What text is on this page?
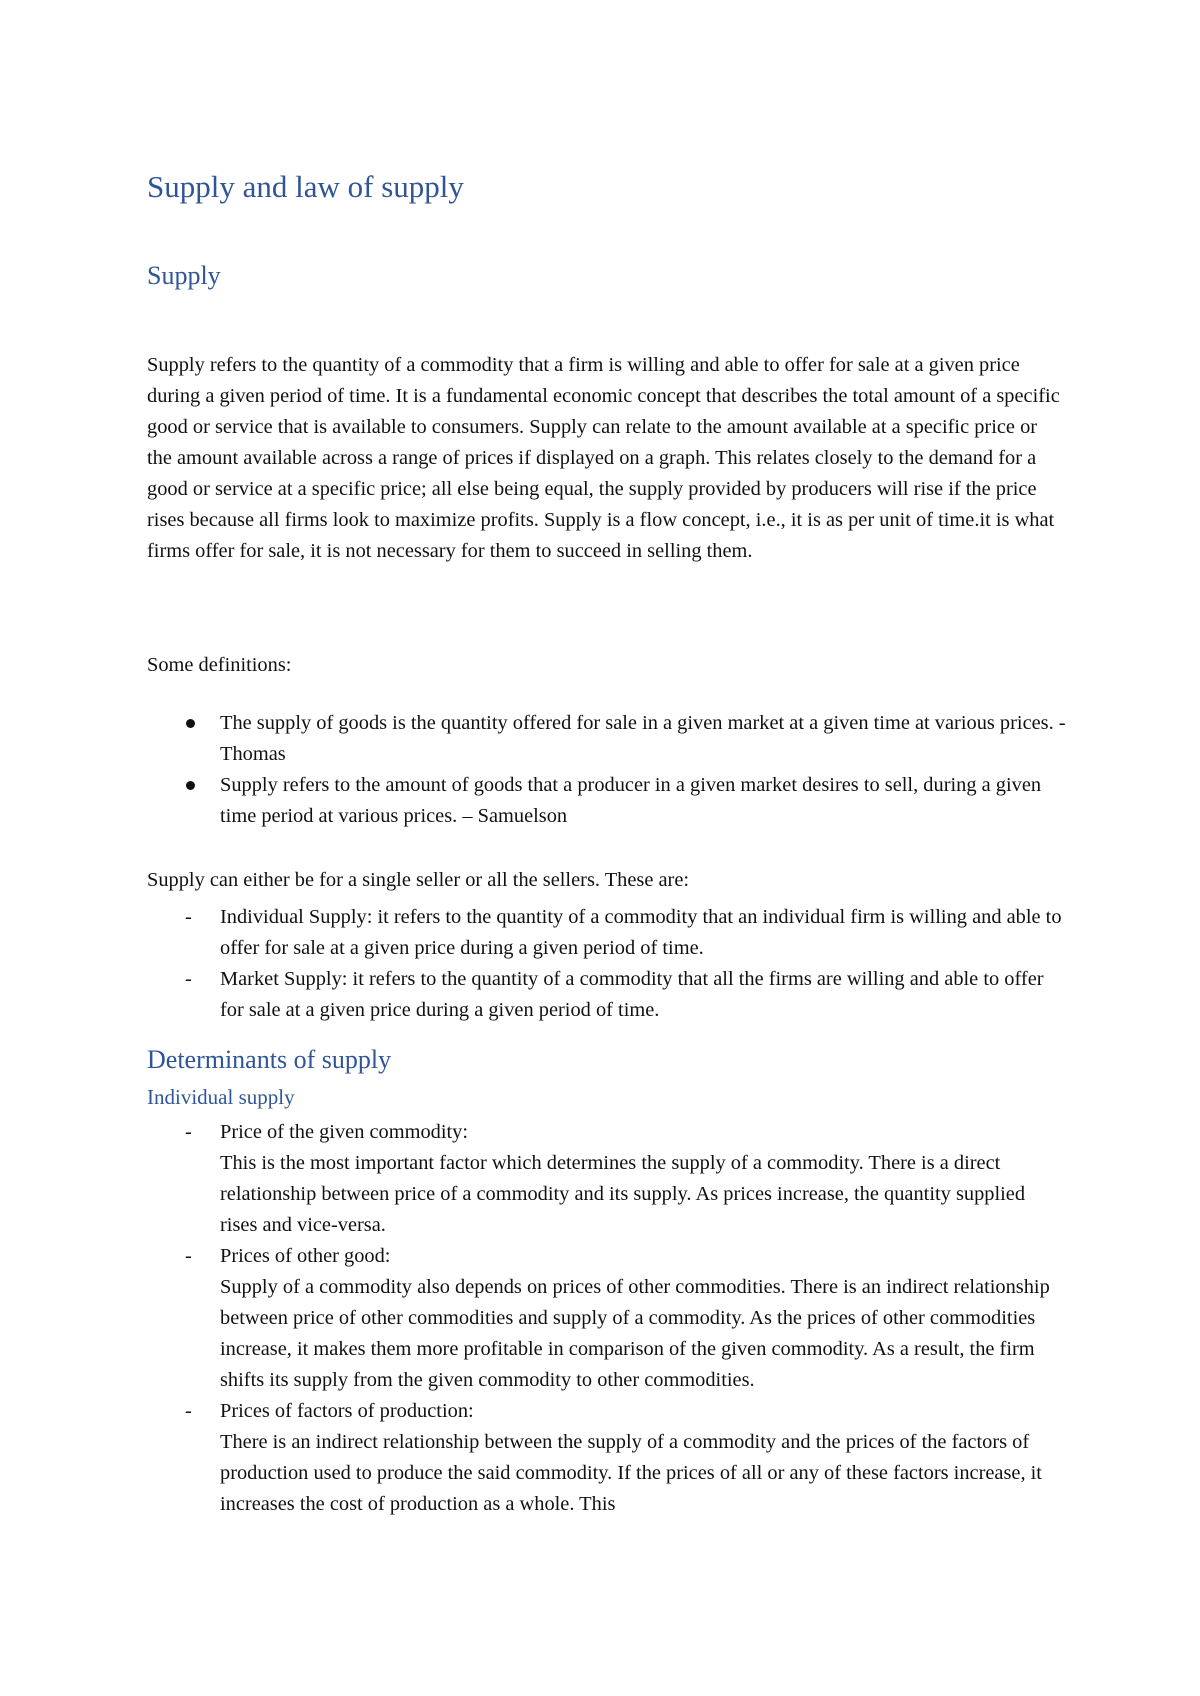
Supply and law of supply
Supply

Supply refers to the quantity of a commodity that a firm is willing and able to offer for sale at a given price during a given period of time. It is a fundamental economic concept that describes the total amount of a specific good or service that is available to consumers. Supply can relate to the amount available at a specific price or the amount available across a range of prices if displayed on a graph. This relates closely to the demand for a good or service at a specific price; all else being equal, the supply provided by producers will rise if the price rises because all firms look to maximize profits. Supply is a flow concept, i.e., it is as per unit of time.it is what firms offer for sale, it is not necessary for them to succeed in selling them.

Some definitions:

The supply of goods is the quantity offered for sale in a given market at a given time at various prices. - Thomas
Supply refers to the amount of goods that a producer in a given market desires to sell, during a given time period at various prices. – Samuelson

Supply can either be for a single seller or all the sellers. These are:

- Individual Supply: it refers to the quantity of a commodity that an individual firm is willing and able to offer for sale at a given price during a given period of time.
- Market Supply: it refers to the quantity of a commodity that all the firms are willing and able to offer for sale at a given price during a given period of time.
Determinants of supply
Individual supply
- Price of the given commodity:
This is the most important factor which determines the supply of a commodity. There is a direct relationship between price of a commodity and its supply. As prices increase, the quantity supplied rises and vice-versa.
- Prices of other good:
Supply of a commodity also depends on prices of other commodities. There is an indirect relationship between price of other commodities and supply of a commodity. As the prices of other commodities increase, it makes them more profitable in comparison of the given commodity. As a result, the firm shifts its supply from the given commodity to other commodities.
- Prices of factors of production:
There is an indirect relationship between the supply of a commodity and the prices of the factors of production used to produce the said commodity. If the prices of all or any of these factors increase, it increases the cost of production as a whole. This
